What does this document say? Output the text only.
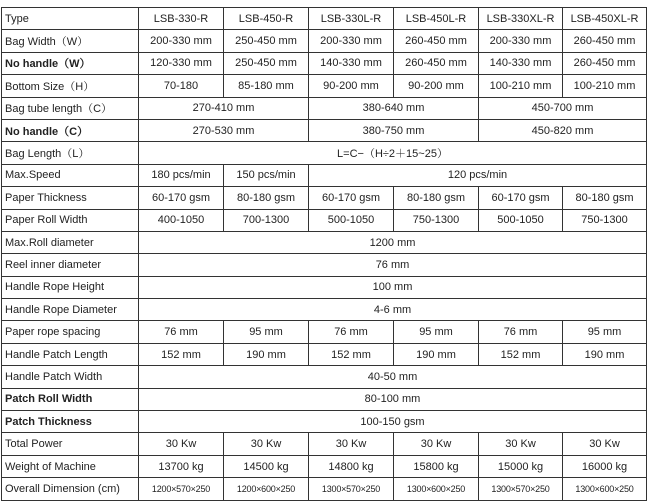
Type	LSB-330-R	LSB-450-R	LSB-330L-R	LSB-450L-R	LSB-330XL-R	LSB-450XL-R
Bag Width（W）	200-330 mm	250-450 mm	200-330 mm	260-450 mm	200-330 mm	260-450 mm
No handle（W）	120-330 mm	250-450 mm	140-330 mm	260-450 mm	140-330 mm	260-450 mm
Bottom Size（H）	70-180	85-180 mm	90-200 mm	90-200 mm	100-210 mm	100-210 mm
Bag tube length（C）	270-410 mm		380-640 mm		450-700 mm	
No handle（C）	270-530 mm		380-750 mm		450-820 mm	
Bag Length（L）	L=C−（H÷2＋15~25）					
Max.Speed	180 pcs/min	150 pcs/min	120 pcs/min			
Paper Thickness	60-170 gsm	80-180 gsm	60-170 gsm	80-180 gsm	60-170 gsm	80-180 gsm
Paper Roll Width	400-1050	700-1300	500-1050	750-1300	500-1050	750-1300
Max.Roll diameter	1200 mm					
Reel inner diameter	76 mm					
Handle Rope Height	100 mm					
Handle Rope Diameter	4-6 mm					
Paper rope spacing	76 mm	95 mm	76 mm	95 mm	76 mm	95 mm
Handle Patch Length	152 mm	190 mm	152 mm	190 mm	152 mm	190 mm
Handle Patch Width	40-50 mm					
Patch Roll Width	80-100 mm					
Patch Thickness	100-150 gsm					
Total Power	30 Kw	30 Kw	30 Kw	30 Kw	30 Kw	30 Kw
Weight of Machine	13700 kg	14500 kg	14800 kg	15800 kg	15000 kg	16000 kg
Overall Dimension (cm)	1200×570×250	1200×600×250	1300×570×250	1300×600×250	1300×570×250	1300×600×250
